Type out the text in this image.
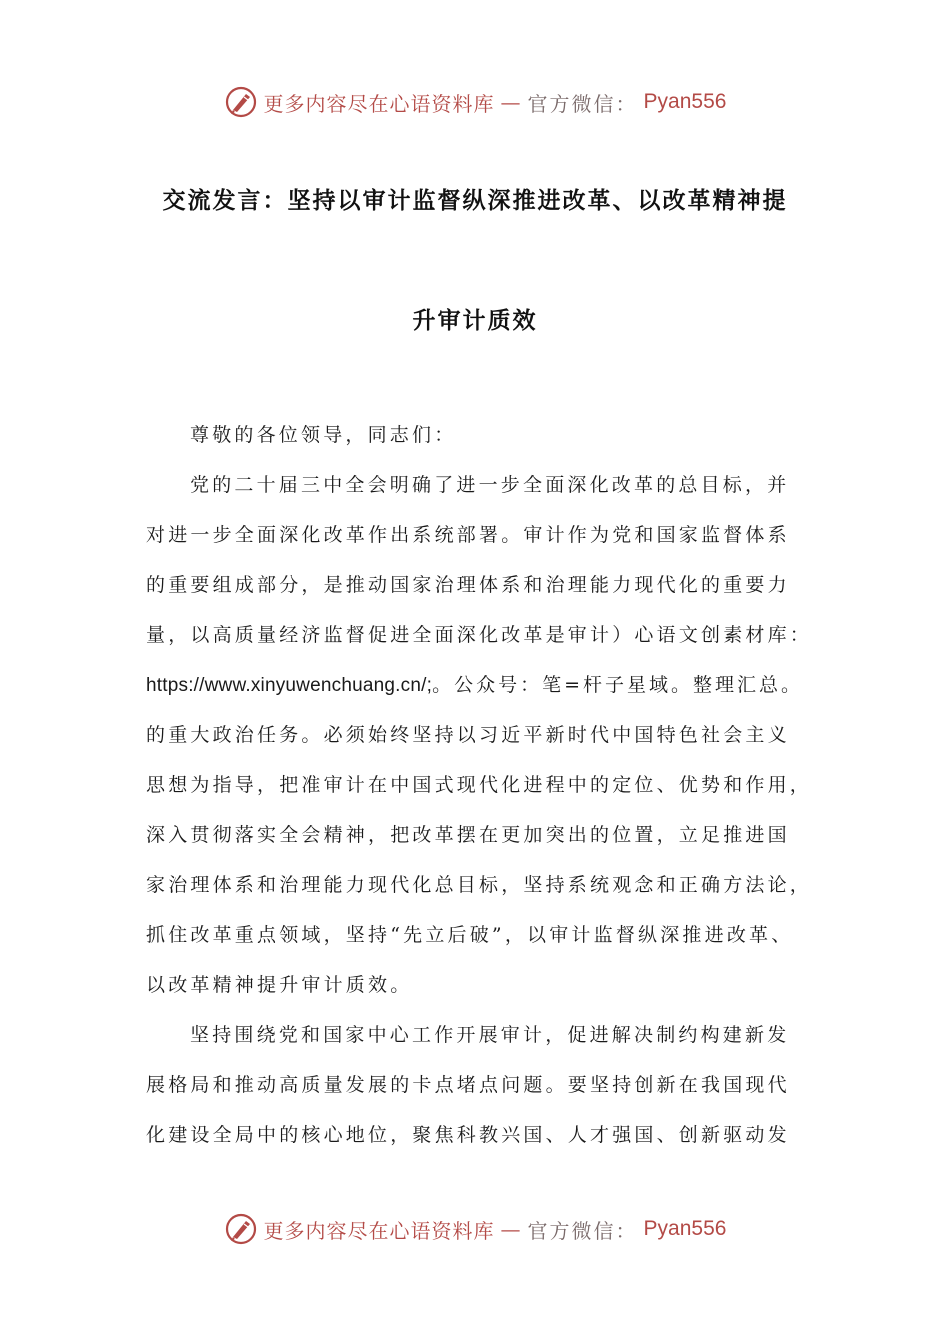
更多内容尽在心语资料库 — 官方微信： Pyan556
交流发言：坚持以审计监督纵深推进改革、以改革精神提
升审计质效
尊敬的各位领导，同志们：
党的二十届三中全会明确了进一步全面深化改革的总目标，并
对进一步全面深化改革作出系统部署。审计作为党和国家监督体系
的重要组成部分，是推动国家治理体系和治理能力现代化的重要力
量，以高质量经济监督促进全面深化改革是审计）心语文创素材库：
https://www.xinyuwenchuang.cn/;。公众号：笔=杆子星域。整理汇总。
的重大政治任务。必须始终坚持以习近平新时代中国特色社会主义
思想为指导，把准审计在中国式现代化进程中的定位、优势和作用，
深入贯彻落实全会精神，把改革摆在更加突出的位置，立足推进国
家治理体系和治理能力现代化总目标，坚持系统观念和正确方法论，
抓住改革重点领域，坚持“先立后破”，以审计监督纵深推进改革、
以改革精神提升审计质效。
坚持围绕党和国家中心工作开展审计，促进解决制约构建新发
展格局和推动高质量发展的卡点堵点问题。要坚持创新在我国现代
化建设全局中的核心地位，聚焦科教兴国、人才强国、创新驱动发
更多内容尽在心语资料库 — 官方微信： Pyan556
